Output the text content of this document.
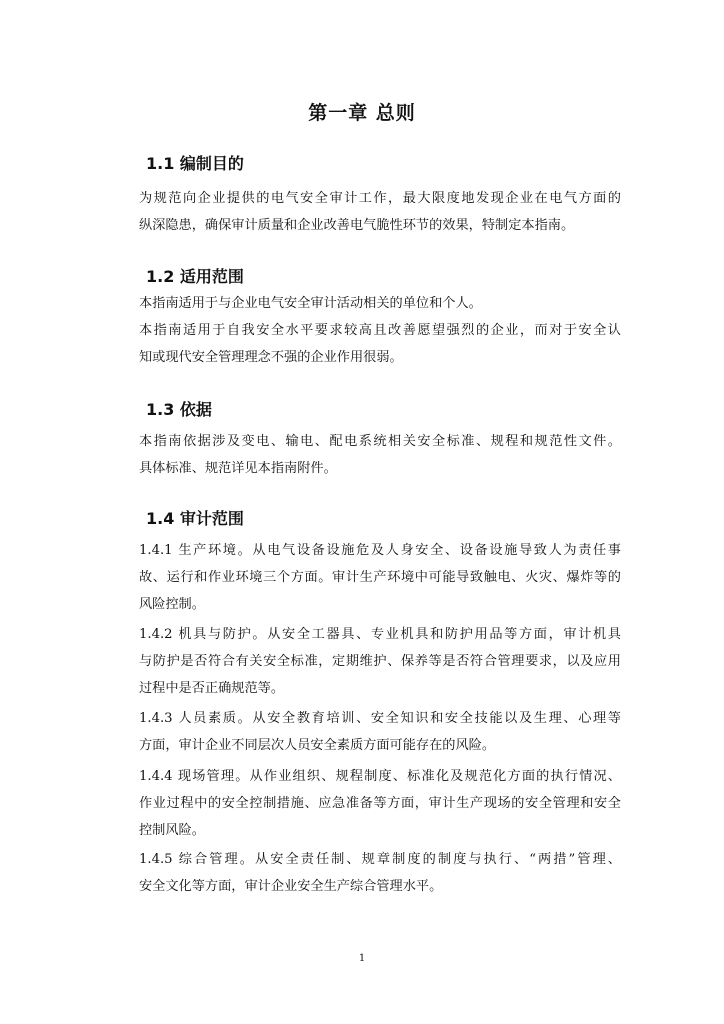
第一章 总则
1.1 编制目的
为规范向企业提供的电气安全审计工作，最大限度地发现企业在电气方面的
纵深隐患，确保审计质量和企业改善电气脆性环节的效果，特制定本指南。
1.2 适用范围
本指南适用于与企业电气安全审计活动相关的单位和个人。
本指南适用于自我安全水平要求较高且改善愿望强烈的企业，而对于安全认
知或现代安全管理理念不强的企业作用很弱。
1.3 依据
本指南依据涉及变电、输电、配电系统相关安全标准、规程和规范性文件。
具体标准、规范详见本指南附件。
1.4 审计范围
1.4.1 生产环境。从电气设备设施危及人身安全、设备设施导致人为责任事
故、运行和作业环境三个方面。审计生产环境中可能导致触电、火灾、爆炸等的
风险控制。
1.4.2 机具与防护。从安全工器具、专业机具和防护用品等方面，审计机具
与防护是否符合有关安全标准，定期维护、保养等是否符合管理要求，以及应用
过程中是否正确规范等。
1.4.3 人员素质。从安全教育培训、安全知识和安全技能以及生理、心理等
方面，审计企业不同层次人员安全素质方面可能存在的风险。
1.4.4 现场管理。从作业组织、规程制度、标准化及规范化方面的执行情况、
作业过程中的安全控制措施、应急准备等方面，审计生产现场的安全管理和安全
控制风险。
1.4.5 综合管理。从安全责任制、规章制度的制度与执行、“两措”管理、
安全文化等方面，审计企业安全生产综合管理水平。
1
